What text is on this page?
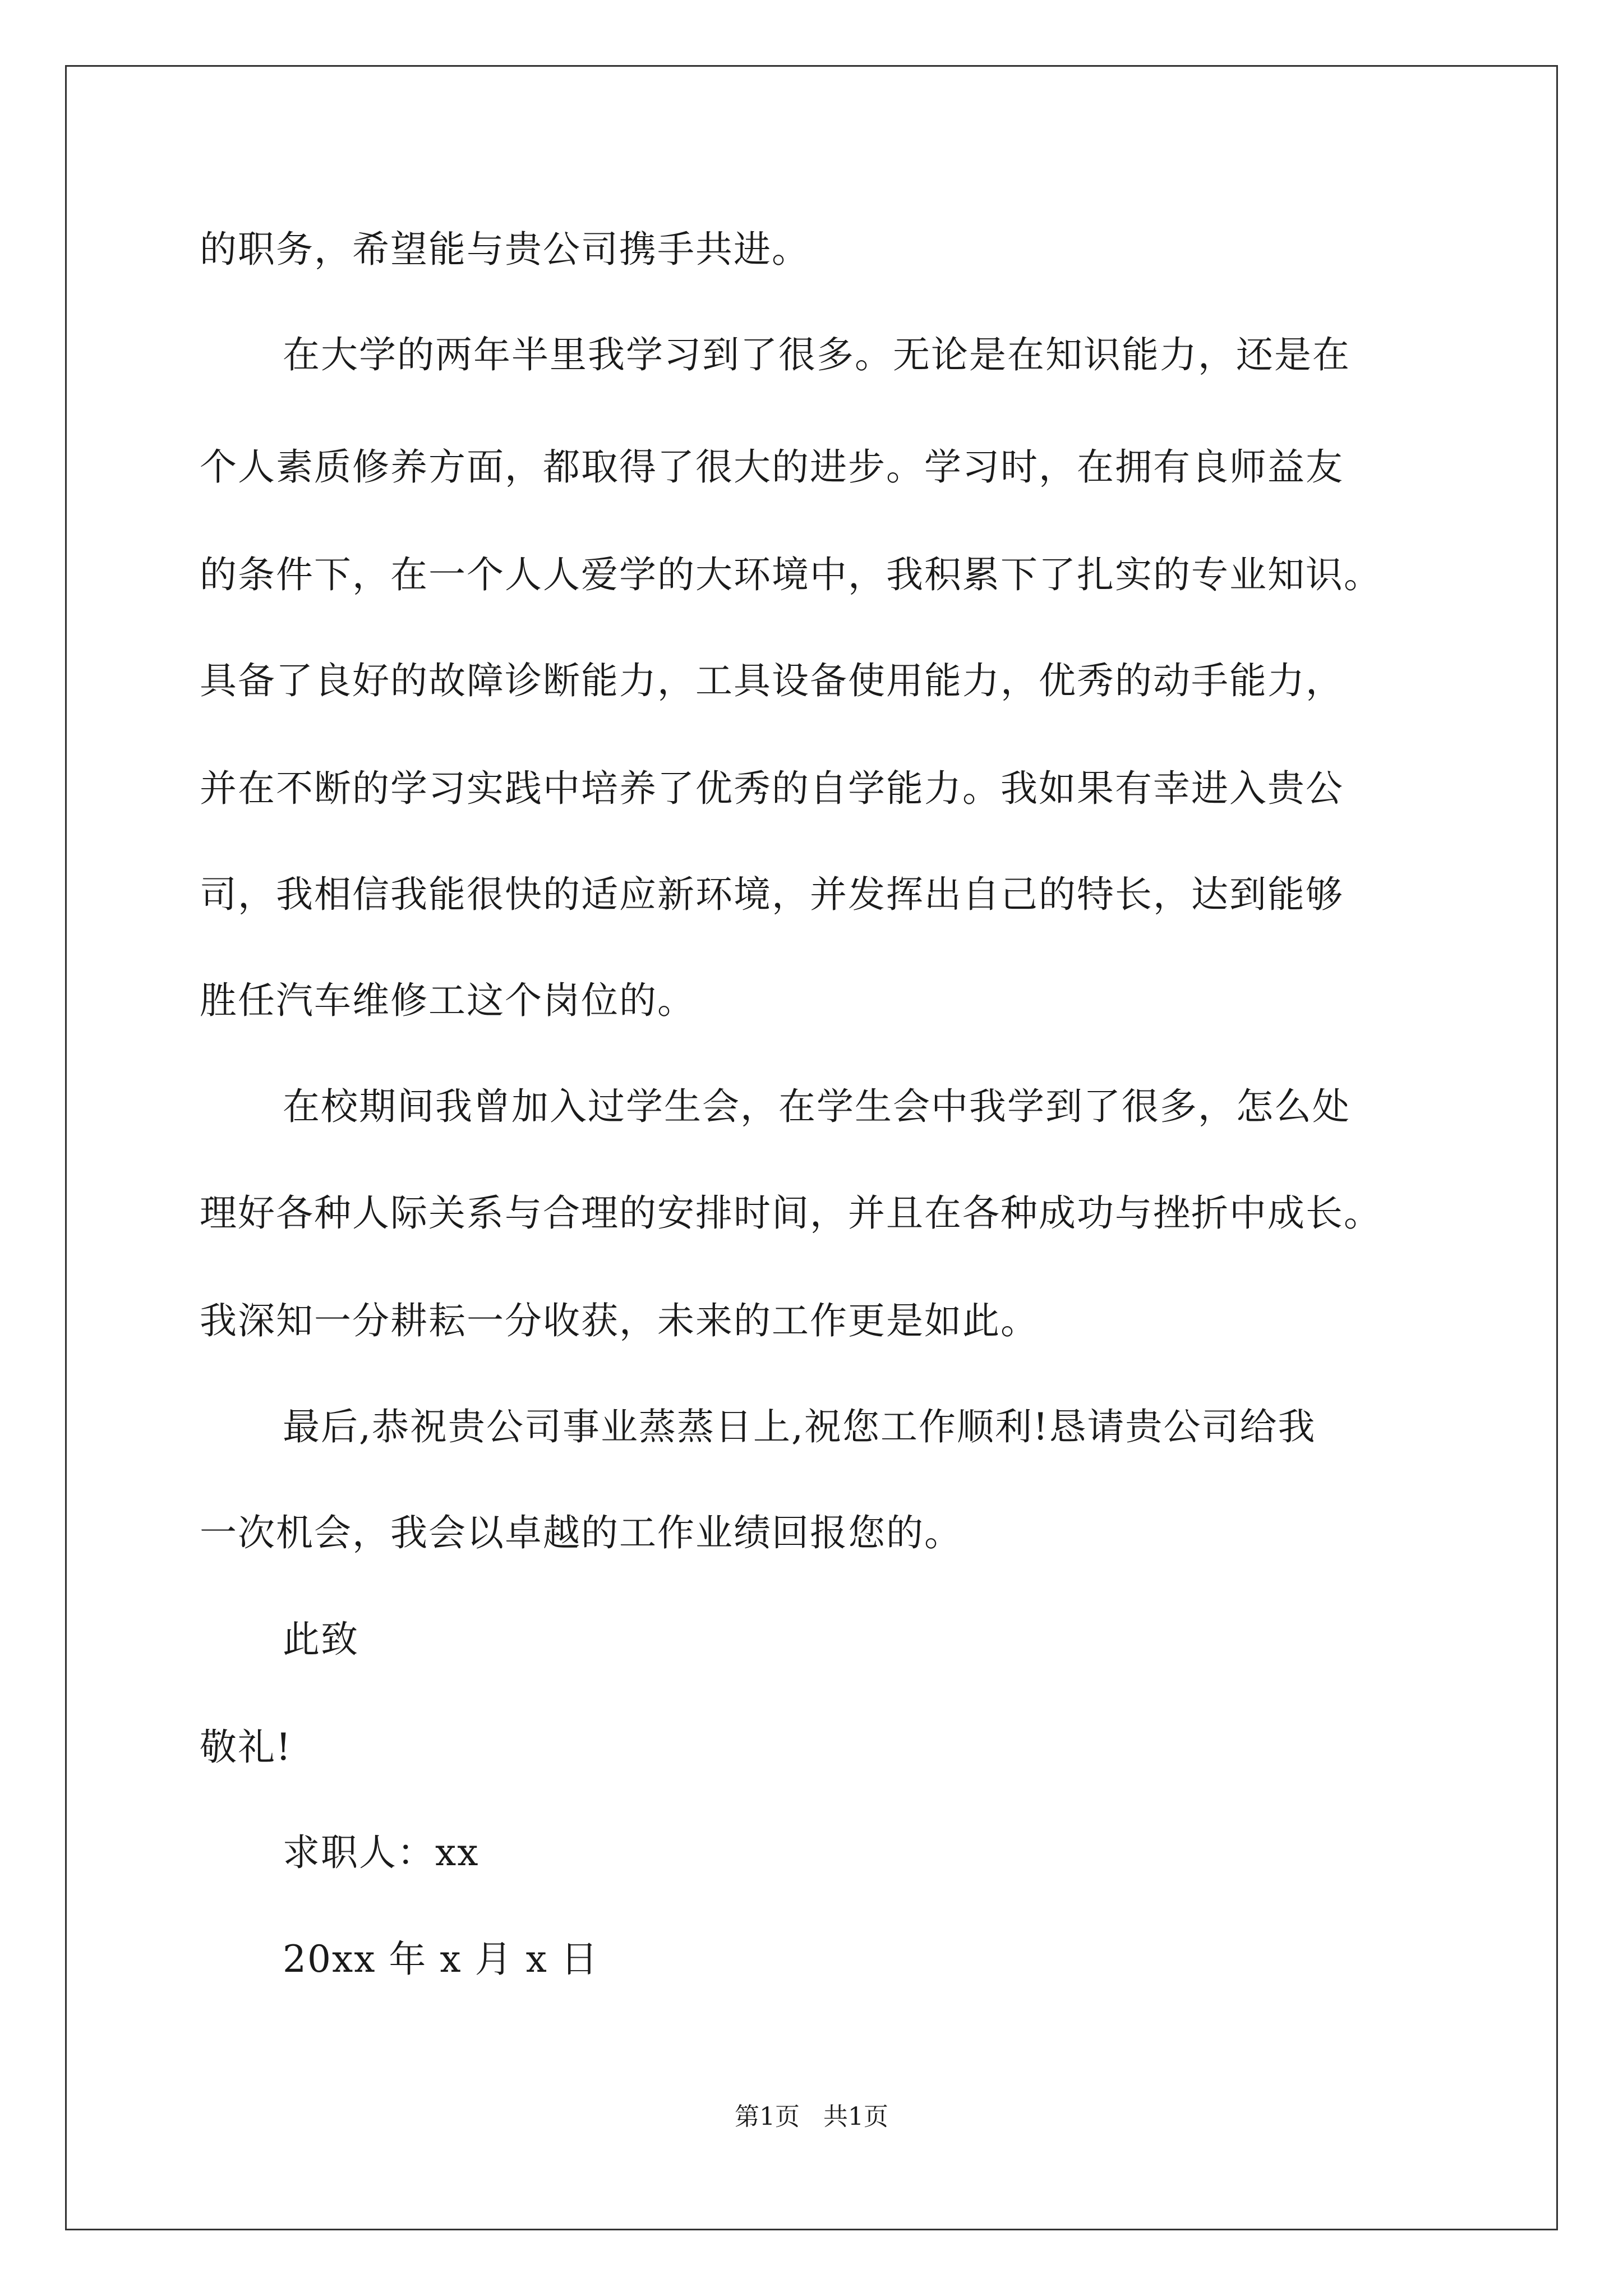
的职务，希望能与贵公司携手共进。
在大学的两年半里我学习到了很多。无论是在知识能力，还是在
个人素质修养方面，都取得了很大的进步。学习时，在拥有良师益友
的条件下，在一个人人爱学的大环境中，我积累下了扎实的专业知识。
具备了良好的故障诊断能力，工具设备使用能力，优秀的动手能力，
并在不断的学习实践中培养了优秀的自学能力。我如果有幸进入贵公
司，我相信我能很快的适应新环境，并发挥出自己的特长，达到能够
胜任汽车维修工这个岗位的。
在校期间我曾加入过学生会，在学生会中我学到了很多，怎么处
理好各种人际关系与合理的安排时间，并且在各种成功与挫折中成长。
我深知一分耕耘一分收获，未来的工作更是如此。
最后,恭祝贵公司事业蒸蒸日上,祝您工作顺利!恳请贵公司给我
一次机会，我会以卓越的工作业绩回报您的。
此致
敬礼!
求职人：xx
20xx 年 x 月 x 日
第1页   共1页
